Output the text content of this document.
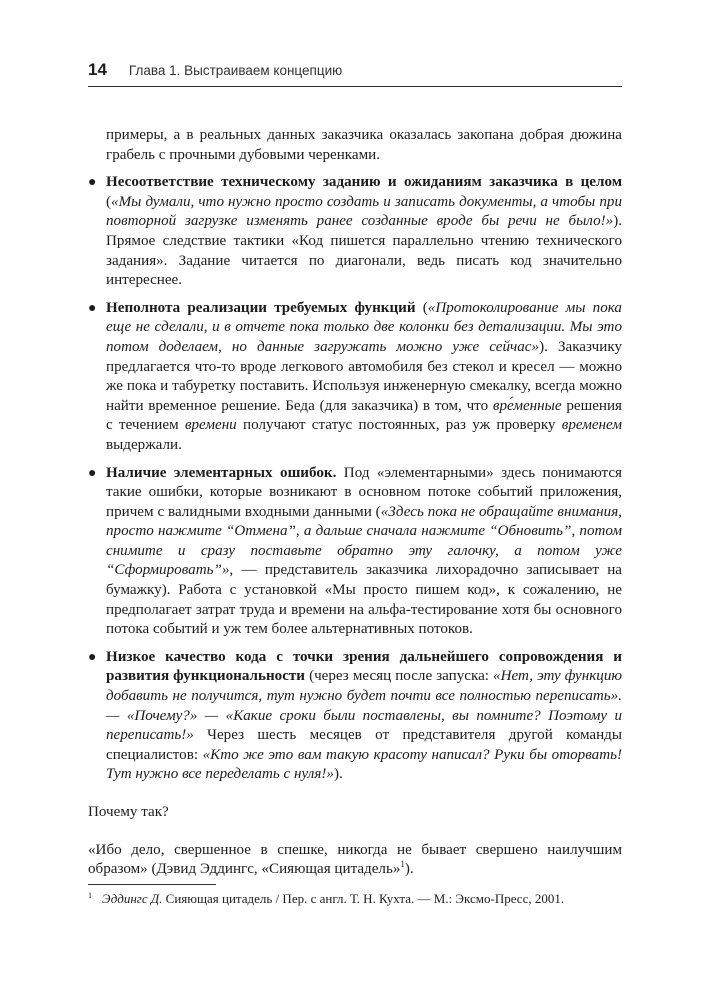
14 Глава 1. Выстраиваем концепцию

примеры, а в реальных данных заказчика оказалась закопана добрая дюжина грабель с прочными дубовыми черенками.

● Несоответствие техническому заданию и ожиданиям заказчика в целом («Мы думали, что нужно просто создать и записать документы, а чтобы при повторной загрузке изменять ранее созданные вроде бы речи не было!»). Прямое следствие тактики «Код пишется параллельно чтению технического задания». Задание читается по диагонали, ведь писать код значительно интереснее.
● Неполнота реализации требуемых функций («Протоколирование мы пока еще не сделали, и в отчете пока только две колонки без детализации. Мы это потом доделаем, но данные загружать можно уже сейчас»). Заказчику предлагается что-то вроде легкового автомобиля без стекол и кресел — можно же пока и табуретку поставить. Используя инженерную смекалку, всегда можно найти временное решение. Беда (для заказчика) в том, что вре́менные решения с течением времени получают статус постоянных, раз уж проверку временем выдержали.
● Наличие элементарных ошибок. Под «элементарными» здесь понимаются такие ошибки, которые возникают в основном потоке событий приложения, причем с валидными входными данными («Здесь пока не обращайте внимания, просто нажмите “Отмена”, а дальше сначала нажмите “Обновить”, потом снимите и сразу поставьте обратно эту галочку, а потом уже “Сформировать”», — представитель заказчика лихорадочно записывает на бумажку). Работа с установкой «Мы просто пишем код», к сожалению, не предполагает затрат труда и времени на альфа-тестирование хотя бы основного потока событий и уж тем более альтернативных потоков.
● Низкое качество кода с точки зрения дальнейшего сопровождения и развития функциональности (через месяц после запуска: «Нет, эту функцию добавить не получится, тут нужно будет почти все полностью переписать». — «Почему?» — «Какие сроки были поставлены, вы помните? Поэтому и переписать!» Через шесть месяцев от представителя другой команды специалистов: «Кто же это вам такую красоту написал? Руки бы оторвать! Тут нужно все переделать с нуля!»).

Почему так?

«Ибо дело, свершенное в спешке, никогда не бывает свершено наилучшим образом» (Дэвид Эддингс, «Сияющая цитадель»$^1$).

$^1$ Эддингс Д. Сияющая цитадель / Пер. с англ. Т. Н. Кухта. — М.: Эксмо-Пресс, 2001.
